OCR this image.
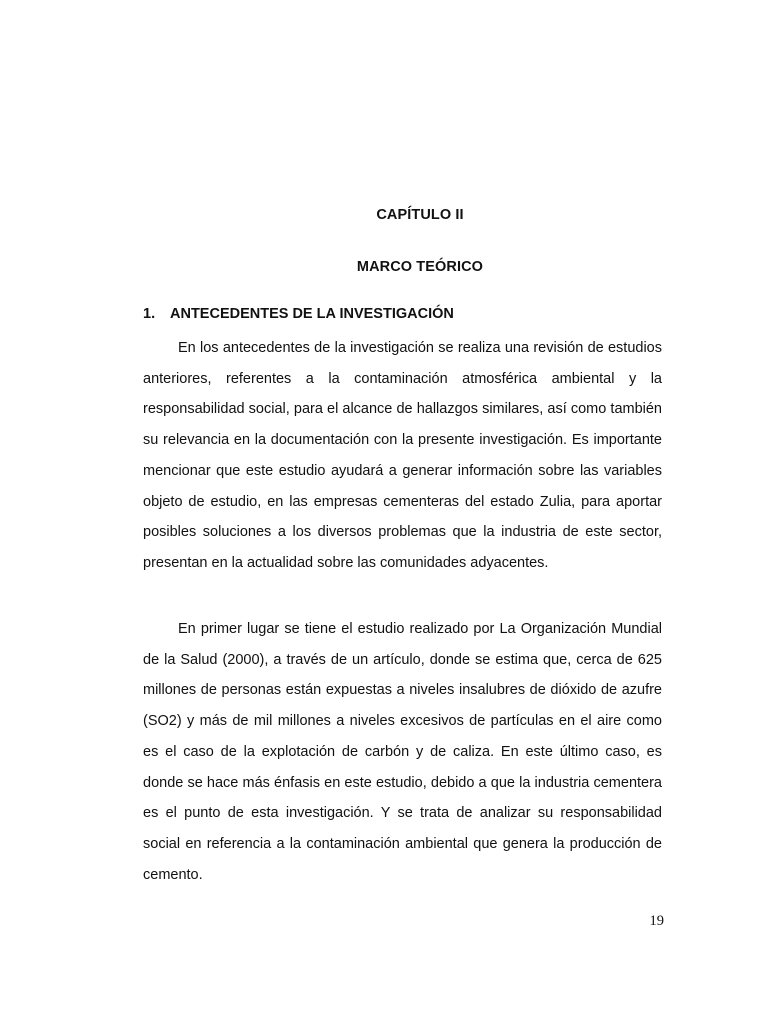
CAPÍTULO II
MARCO TEÓRICO
1. ANTECEDENTES DE LA INVESTIGACIÓN

En los antecedentes de la investigación se realiza una revisión de estudios anteriores, referentes a la contaminación atmosférica ambiental y la responsabilidad social, para el alcance de hallazgos similares, así como también su relevancia en la documentación con la presente investigación. Es importante mencionar que este estudio ayudará a generar información sobre las variables objeto de estudio, en las empresas cementeras del estado Zulia, para aportar posibles soluciones a los diversos problemas que la industria de este sector, presentan en la actualidad sobre las comunidades adyacentes.

En primer lugar se tiene el estudio realizado por La Organización Mundial de la Salud (2000), a través de un artículo, donde se estima que, cerca de 625 millones de personas están expuestas a niveles insalubres de dióxido de azufre (SO2) y más de mil millones a niveles excesivos de partículas en el aire como es el caso de la explotación de carbón y de caliza. En este último caso, es donde se hace más énfasis en este estudio, debido a que la industria cementera es el punto de esta investigación. Y se trata de analizar su responsabilidad social en referencia a la contaminación ambiental que genera la producción de cemento.

19
